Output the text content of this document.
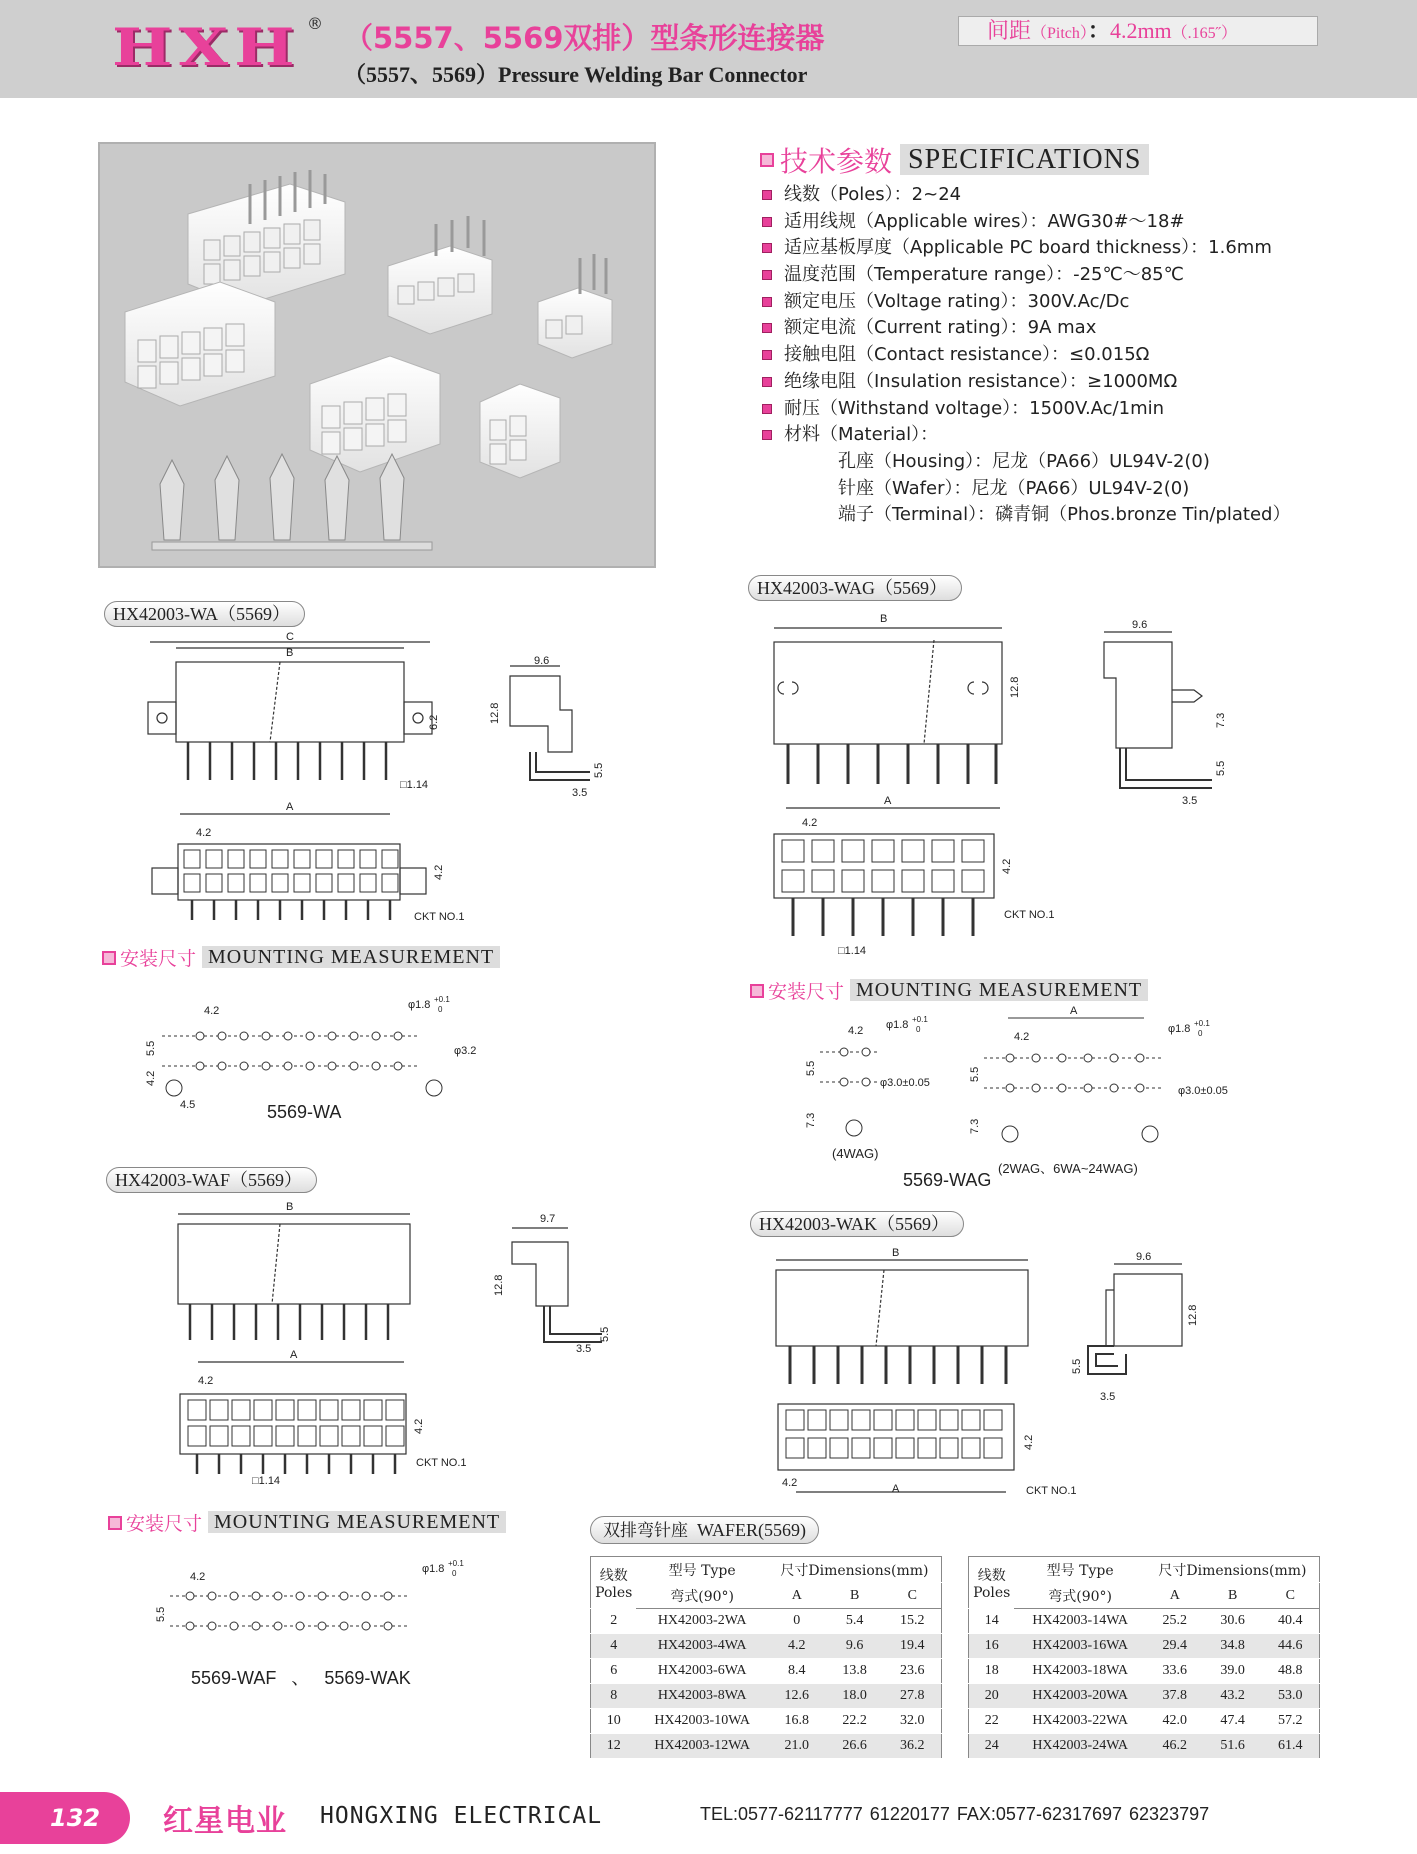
HXH ® （5557、5569双排）型条形连接器
（5557、5569）Pressure Welding Bar Connector
间距（Pitch）：4.2mm（.165˝）
技术参数 SPECIFICATIONS
线数（Poles）：2~24
适用线规（Applicable wires）：AWG30#～18#
适应基板厚度（Applicable PC board thickness）：1.6mm
温度范围（Temperature range）：-25℃～85℃
额定电压（Voltage rating）：300V.Ac/Dc
额定电流（Current rating）：9A max
接触电阻（Contact resistance）：≤0.015Ω
绝缘电阻（Insulation resistance）：≥1000MΩ
耐压（Withstand voltage）：1500V.Ac/1min
材料（Material）：
孔座（Housing）：尼龙（PA66）UL94V-2(0)
针座（Wafer）：尼龙（PA66）UL94V-2(0)
端子（Terminal）：磷青铜（Phos.bronze Tin/plated）
HX42003-WA（5569）
HX42003-WAG（5569）
HX42003-WAF（5569）
HX42003-WAK（5569）
C
B
6.2
□1.14
9.6
12.8
5.5
3.5
A
4.2
4.2
CKT NO.1
安装尺寸 MOUNTING MEASUREMENT
4.2	φ1.8 +0.1
0
φ3.2
5.5
4.2
4.5	5569-WA
B
12.8
9.6
7.3
5.5
3.5
A
4.2
4.2
CKT NO.1
□1.14
安装尺寸 MOUNTING MEASUREMENT
4.2 φ1.8 +0.1
0
φ3.0±0.05
5.5
7.3
(4WAG)
A
4.2
φ1.8 +0.1
0
φ3.0±0.05
5.5
7.3
(2WAG、6WA~24WAG)
5569-WAG
B
9.7
12.8
5.5
3.5
A
4.2
4.2
CKT NO.1
□1.14
安装尺寸 MOUNTING MEASUREMENT
4.2
φ1.8 +0.1
0
5.5
5569-WAF 、 5569-WAK
B	9.6
12.8
5.5
3.5
4.2	A
4.2
CKT NO.1
双排弯针座 WAFER(5569)
线数
Poles	型号 Type	尺寸Dimensions(mm)		
	弯式(90°)	A	B	C
2	HX42003-2WA	0	5.4	15.2
4	HX42003-4WA	4.2	9.6	19.4
6	HX42003-6WA	8.4	13.8	23.6
8	HX42003-8WA	12.6	18.0	27.8
10	HX42003-10WA	16.8	22.2	32.0
12	HX42003-12WA	21.0	26.6	36.2
线数
Poles	型号 Type	尺寸Dimensions(mm)		
	弯式(90°)	A	B	C
14	HX42003-14WA	25.2	30.6	40.4
16	HX42003-16WA	29.4	34.8	44.6
18	HX42003-18WA	33.6	39.0	48.8
20	HX42003-20WA	37.8	43.2	53.0
22	HX42003-22WA	42.0	47.4	57.2
24	HX42003-24WA	46.2	51.6	61.4
132	红星电业 HONGXING ELECTRICAL	TEL:0577-62117777 61220177 FAX:0577-62317697 62323797
